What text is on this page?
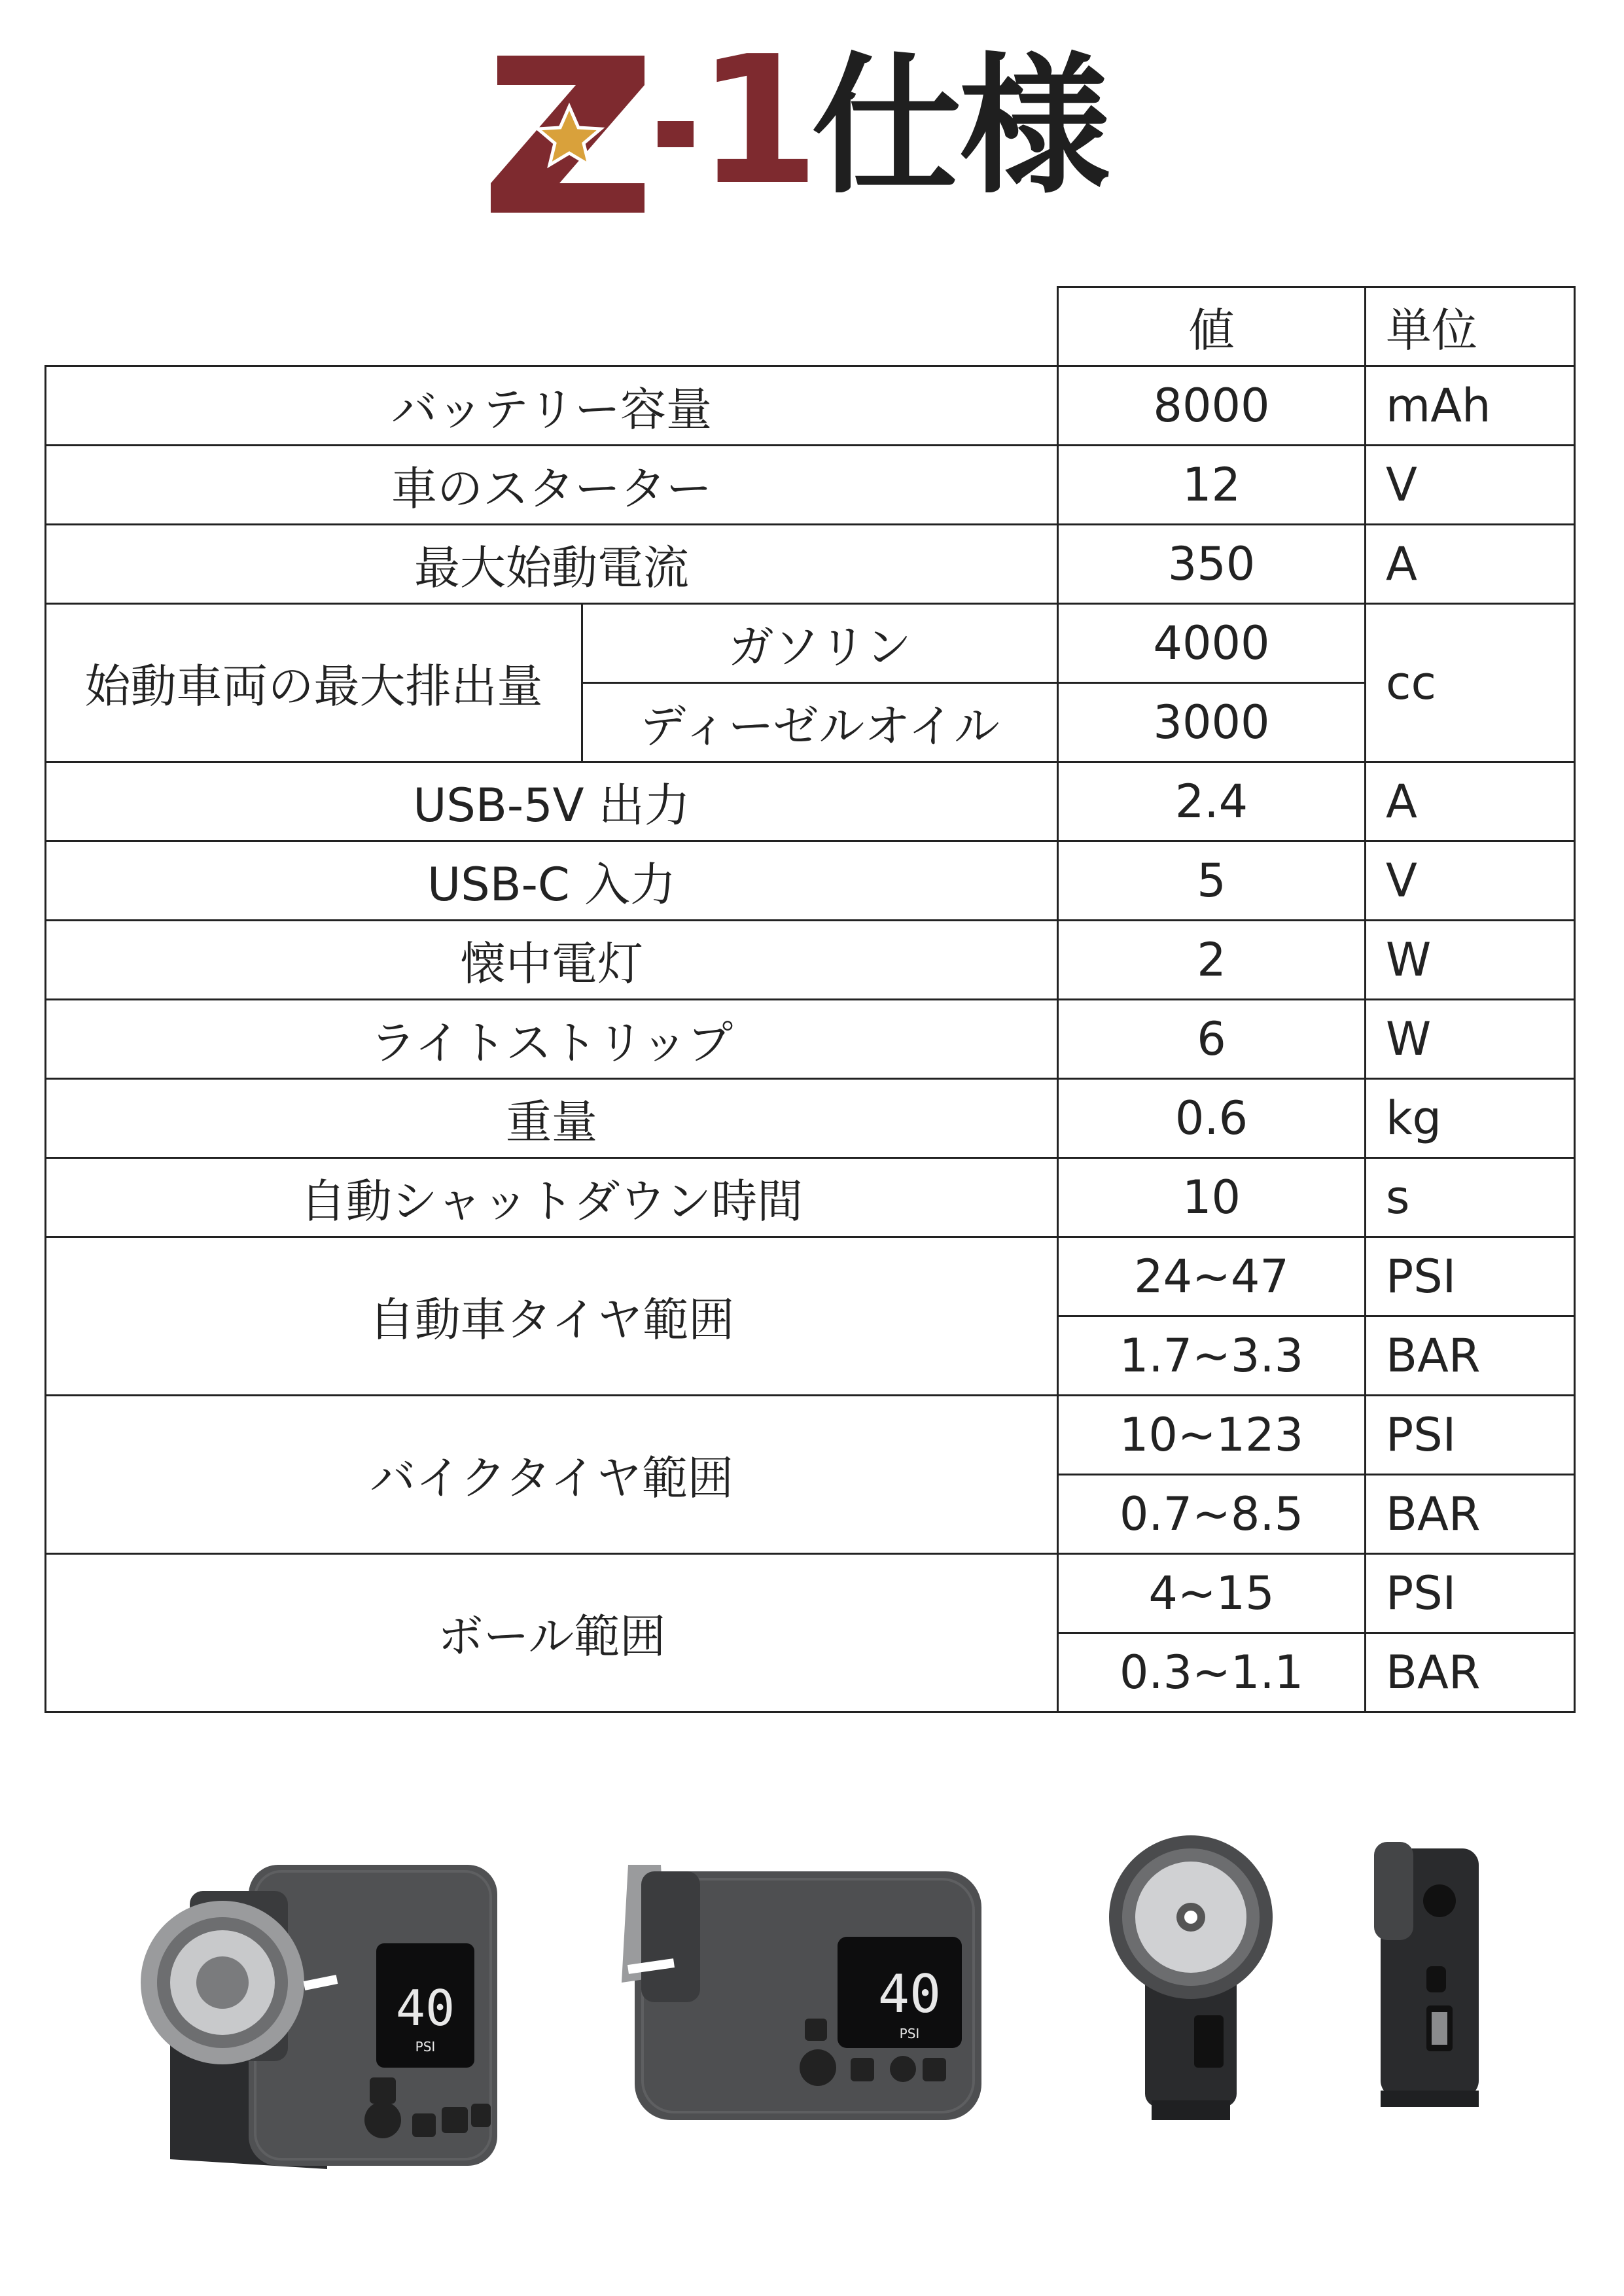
1
仕様
		値	単位
バッテリー容量		8000	mAh
車のスターター		12	V
最大始動電流		350	A
始動車両の最大排出量	ガソリン	4000	cc
	ディーゼルオイル	3000	
USB-5V 出力		2.4	A
USB-C 入力		5	V
懐中電灯		2	W
ライトストリップ		6	W
重量		0.6	kg
自動シャットダウン時間		10	s
自動車タイヤ範囲		24~47	PSI
		1.7~3.3	BAR
バイクタイヤ範囲		10~123	PSI
		0.7~8.5	BAR
ボール範囲		4~15	PSI
		0.3~1.1	BAR
40
PSI
40
PSI
